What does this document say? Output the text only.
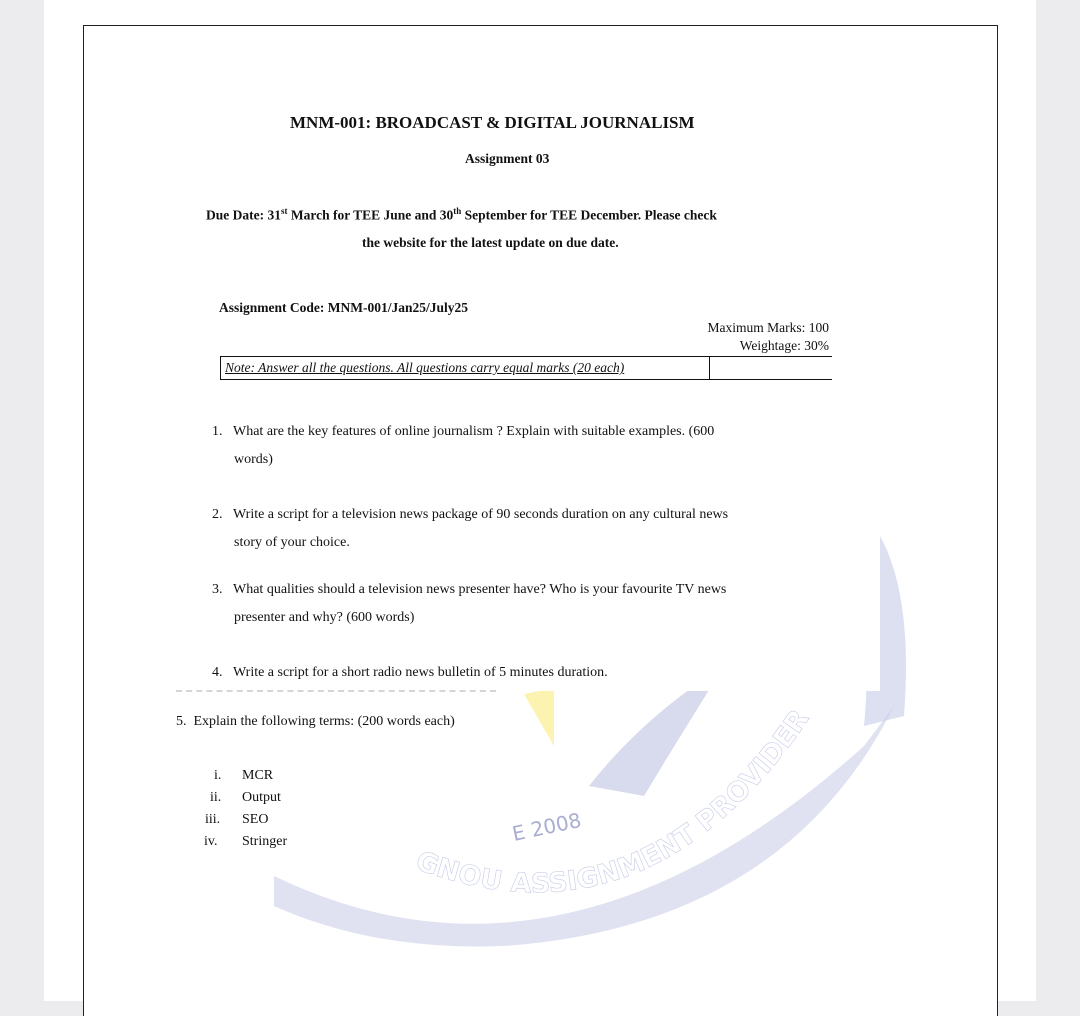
E 2008
GNOU ASSIGNMENT PROVIDER
MNM-001: BROADCAST & DIGITAL JOURNALISM
Assignment 03
Due Date: 31st March for TEE June and 30th September for TEE December. Please check
the website for the latest update on due date.
Assignment Code: MNM-001/Jan25/July25
Maximum Marks: 100
Weightage: 30%
Note: Answer all the questions. All questions carry equal marks (20 each)
1. What are the key features of online journalism ? Explain with suitable examples. (600
words)
2. Write a script for a television news package of 90 seconds duration on any cultural news
story of your choice.
3. What qualities should a television news presenter have? Who is your favourite TV news
presenter and why? (600 words)
4. Write a script for a short radio news bulletin of 5 minutes duration.
5. Explain the following terms: (200 words each)
i. MCR
ii. Output
iii. SEO
iv. Stringer
